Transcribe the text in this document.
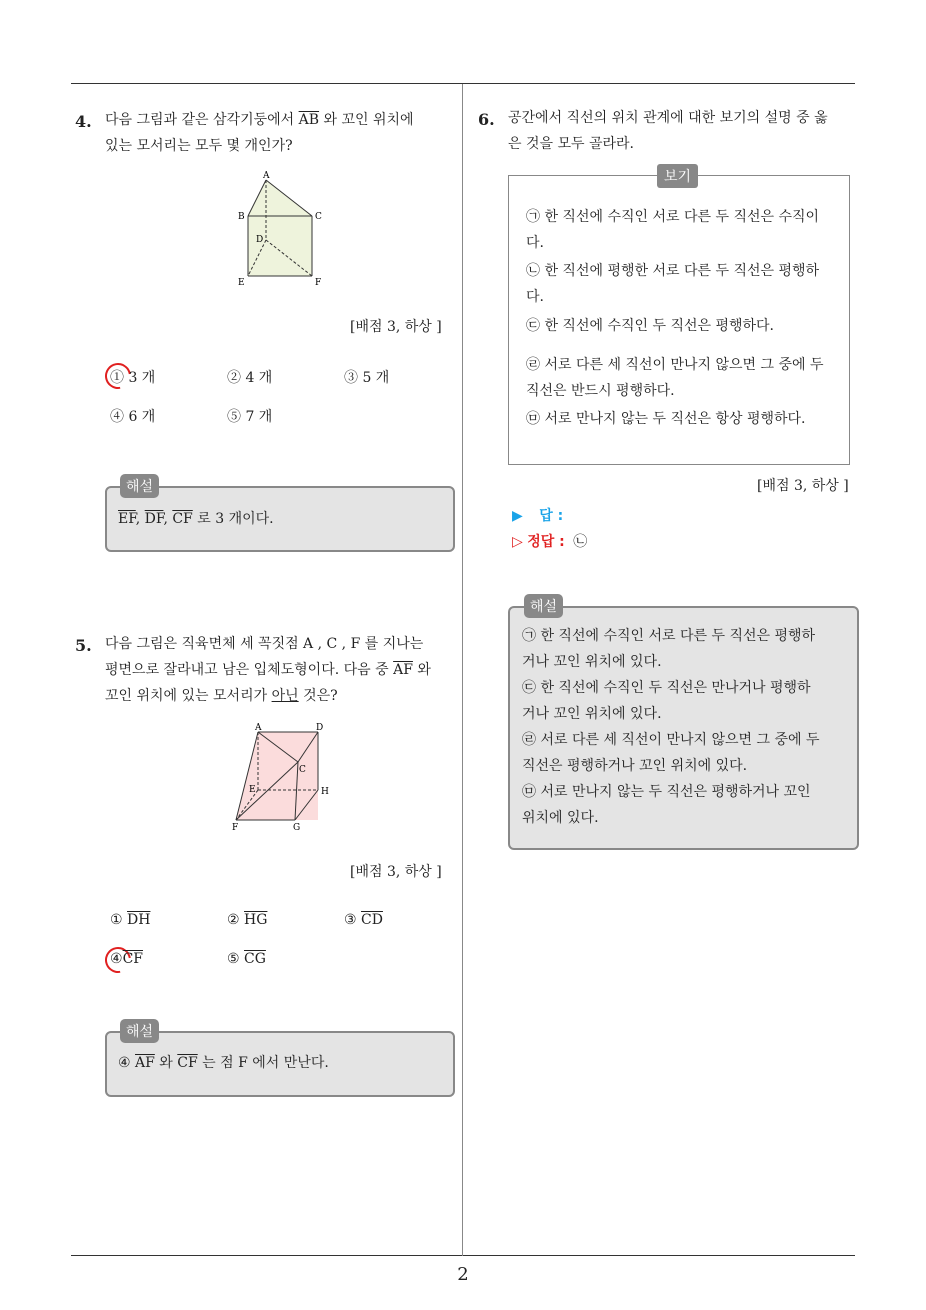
2
4. 다음 그림과 같은 삼각기둥에서 $\overline{AB}$ 와 꼬인 위치에
있는 모서리는 모두 몇 개인가?
A
B	C
D
E	F
[배점 3, 하상 ]
① 3 개	② 4 개	③ 5 개
④ 6 개	⑤ 7 개
해설
$\overline{EF}$, $\overline{DF}$, $\overline{CF}$ 로 3 개이다.
5. 다음 그림은 직육면체 세 꼭짓점 A , C , F 를 지나는
평면으로 잘라내고 남은 입체도형이다. 다음 중 $\overline{AF}$ 와
꼬인 위치에 있는 모서리가 아닌 것은?
A	D
C
E	H
F	G
[배점 3, 하상 ]
① $\overline{DH}$	② $\overline{HG}$	③ $\overline{CD}$
$④\overline{CF}$	⑤ $\overline{CG}$
해설
④ $\overline{AF}$ 와 $\overline{CF}$ 는 점 F 에서 만난다.
6. 공간에서 직선의 위치 관계에 대한 보기의 설명 중 옳
은 것을 모두 골라라.
보기
㉠ 한 직선에 수직인 서로 다른 두 직선은 수직이다.
㉡ 한 직선에 평행한 서로 다른 두 직선은 평행하다.
㉢ 한 직선에 수직인 두 직선은 평행하다.
㉣ 서로 다른 세 직선이 만나지 않으면 그 중에 두 직선은 반드시 평행하다.
㉤ 서로 만나지 않는 두 직선은 항상 평행하다.
[배점 3, 하상 ]
▶ 답 :
▷ 정답 : ㉡
해설
㉠ 한 직선에 수직인 서로 다른 두 직선은 평행하
거나 꼬인 위치에 있다.
㉢ 한 직선에 수직인 두 직선은 만나거나 평행하
거나 꼬인 위치에 있다.
㉣ 서로 다른 세 직선이 만나지 않으면 그 중에 두
직선은 평행하거나 꼬인 위치에 있다.
㉤ 서로 만나지 않는 두 직선은 평행하거나 꼬인
위치에 있다.
